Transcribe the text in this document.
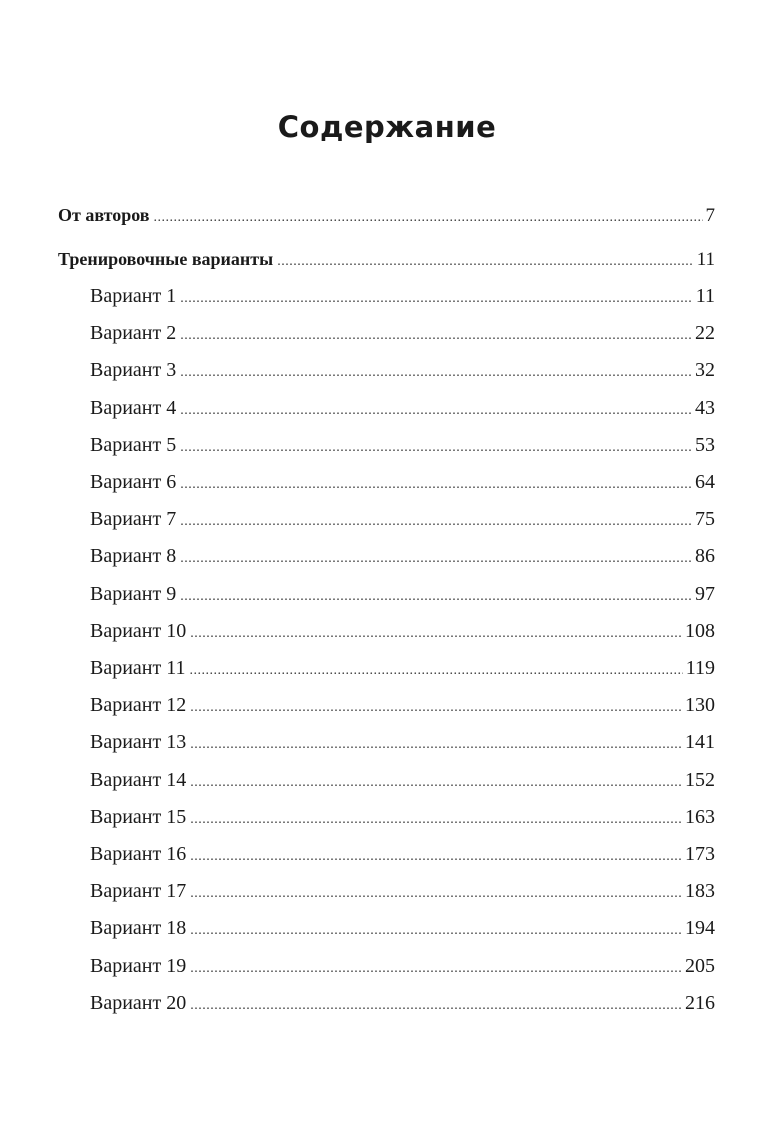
Содержание
От авторов .....	7
Тренировочные варианты .....	11
Вариант 1 .....	11
Вариант 2 .....	22
Вариант 3 .....	32
Вариант 4 .....	43
Вариант 5 .....	53
Вариант 6 .....	64
Вариант 7 .....	75
Вариант 8 .....	86
Вариант 9 .....	97
Вариант 10 .....	108
Вариант 11 .....	119
Вариант 12 .....	130
Вариант 13 .....	141
Вариант 14 .....	152
Вариант 15 .....	163
Вариант 16 .....	173
Вариант 17 .....	183
Вариант 18 .....	194
Вариант 19 .....	205
Вариант 20 .....	216
